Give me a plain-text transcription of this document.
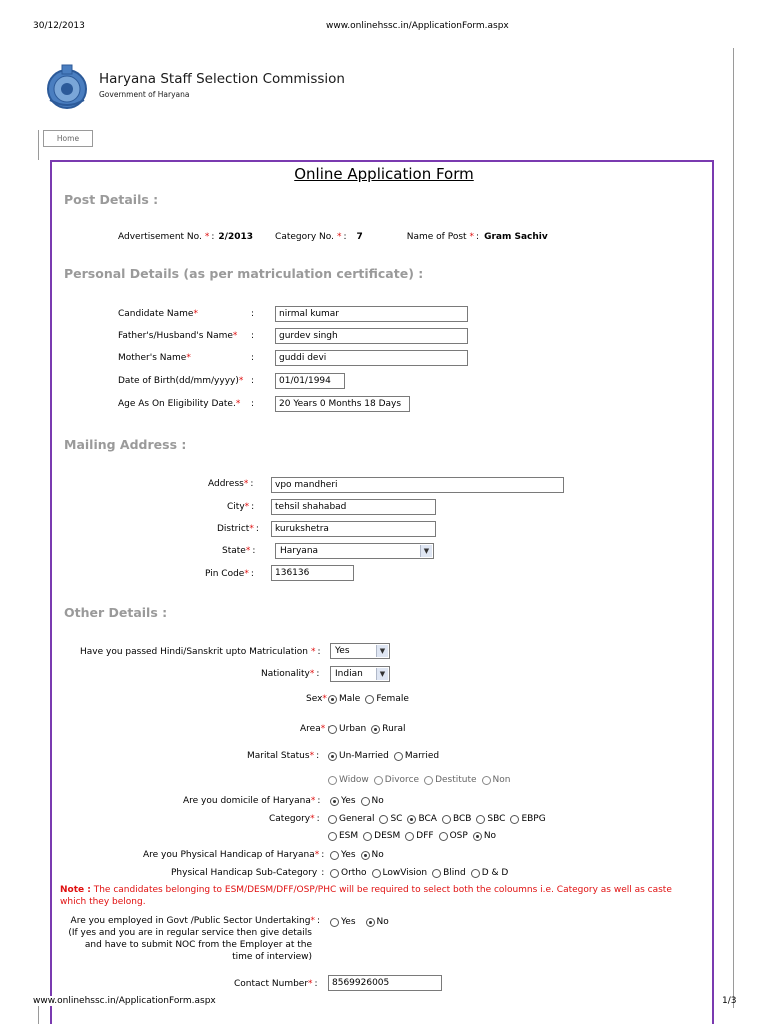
30/12/2013	www.onlinehssc.in/ApplicationForm.aspx
Haryana Staff Selection Commission
Government of Haryana
Home
Online Application Form
Post Details :
Advertisement No. * : 2/2013 Category No. * : 7	Name of Post * : Gram Sachiv
Personal Details (as per matriculation certificate) :
Candidate Name *	:	nirmal kumar
Father's/Husband's Name * :	gurdev singh
Mother's Name *	:	guddi devi
Date of Birth(dd/mm/yyyy) * :	01/01/1994
Age As On Eligibility Date. * :	20 Years 0 Months 18 Days
Mailing Address :
Address * :	vpo mandheri
City * :	tehsil shahabad
District * :	kurukshetra
State * :	Haryana	▼
Pin Code * :	136136
Other Details :
Have you passed Hindi/Sanskrit upto Matriculation * :	Yes	▼
Nationality * :	Indian	▼
Sex * Male Female
Area * Urban Rural
Marital Status * : Un-Married Married
Widow Divorce Destitute Non
Are you domicile of Haryana * : Yes No
Category * : General SC BCA BCB SBC EBPG
ESM DESM DFF OSP No
Are you Physical Handicap of Haryana * : Yes No
Physical Handicap Sub-Category : Ortho LowVision Blind D & D
Note : The candidates belonging to ESM/DESM/DFF/OSP/PHC will be required to select both the coloumns i.e. Category as well as caste which they belong.
Are you employed in Govt /Public Sector Undertaking* :
(If yes and you are in regular service then give details
and have to submit NOC from the Employer at the
time of interview)
Yes No
Contact Number * :	8569926005
www.onlinehssc.in/ApplicationForm.aspx	1/3
